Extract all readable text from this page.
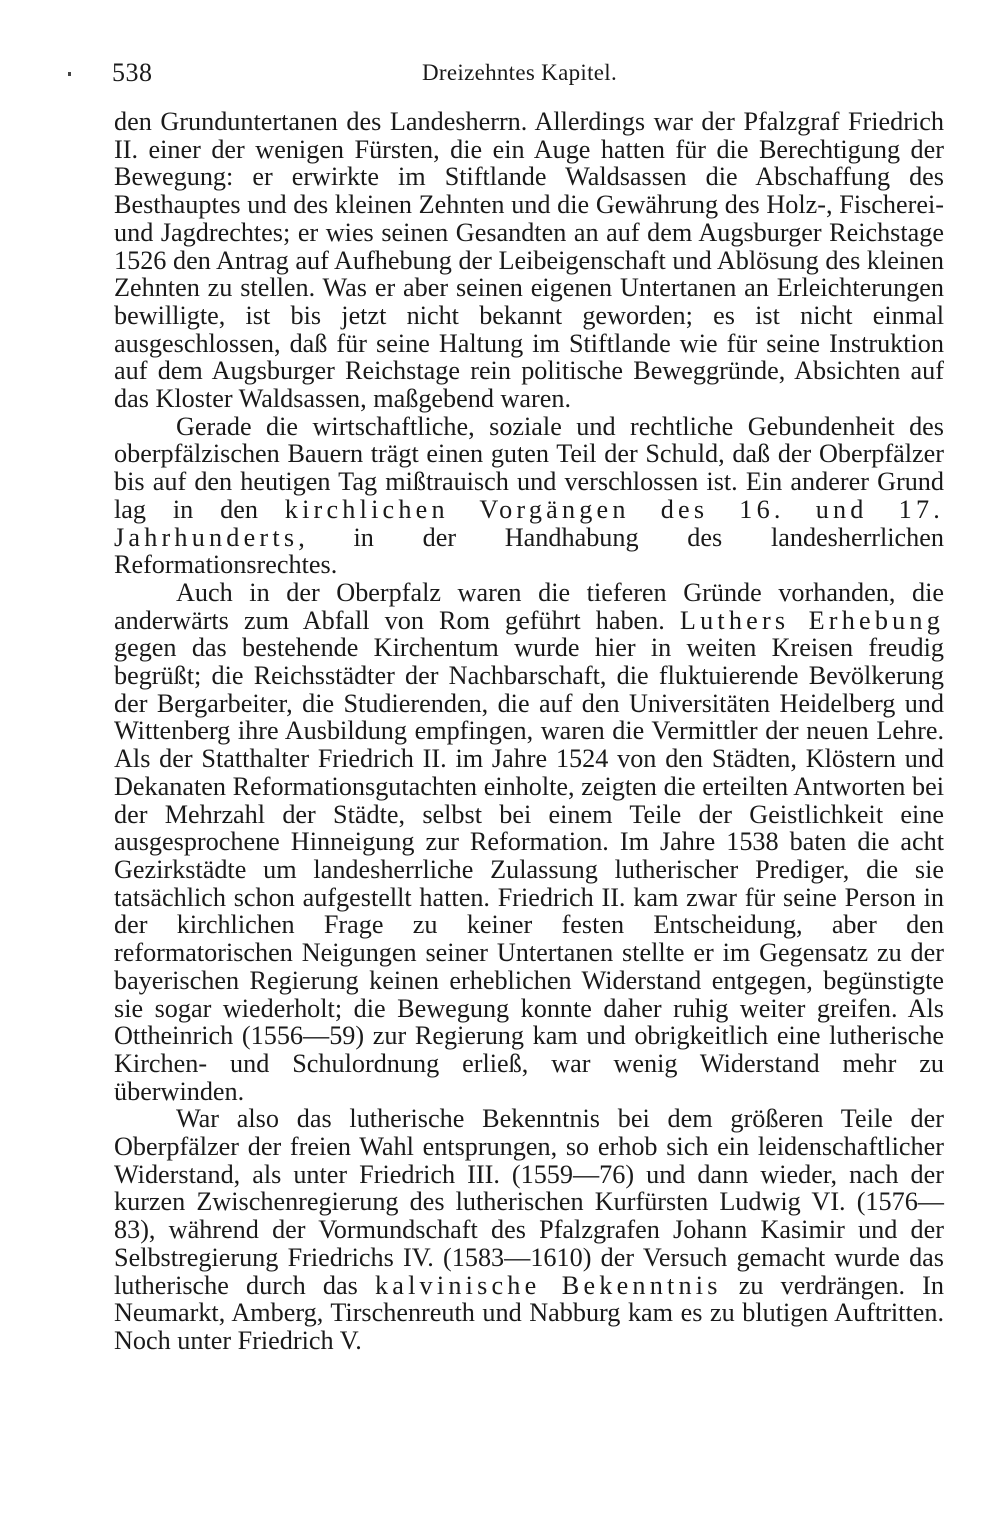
538	Dreizehntes Kapitel.

den Grunduntertanen des Landesherrn. Allerdings war der Pfalzgraf Friedrich II. einer der wenigen Fürsten, die ein Auge hatten für die Berechtigung der Bewegung: er erwirkte im Stiftlande Waldsassen die Abschaffung des Besthauptes und des kleinen Zehnten und die Gewährung des Holz-, Fischerei- und Jagdrechtes; er wies seinen Gesandten an auf dem Augsburger Reichstage 1526 den Antrag auf Aufhebung der Leibeigenschaft und Ablösung des kleinen Zehnten zu stellen. Was er aber seinen eigenen Untertanen an Erleichterungen bewilligte, ist bis jetzt nicht bekannt geworden; es ist nicht einmal ausgeschlossen, daß für seine Haltung im Stiftlande wie für seine Instruktion auf dem Augsburger Reichstage rein politische Beweggründe, Absichten auf das Kloster Waldsassen, maßgebend waren.

Gerade die wirtschaftliche, soziale und rechtliche Gebundenheit des oberpfälzischen Bauern trägt einen guten Teil der Schuld, daß der Oberpfälzer bis auf den heutigen Tag mißtrauisch und verschlossen ist. Ein anderer Grund lag in den kirchlichen Vorgängen des 16. und 17. Jahrhunderts, in der Handhabung des landesherrlichen Reformationsrechtes.

Auch in der Oberpfalz waren die tieferen Gründe vorhanden, die anderwärts zum Abfall von Rom geführt haben. Luthers Erhebung gegen das bestehende Kirchentum wurde hier in weiten Kreisen freudig begrüßt; die Reichsstädter der Nachbarschaft, die fluktuierende Bevölkerung der Bergarbeiter, die Studierenden, die auf den Universitäten Heidelberg und Wittenberg ihre Ausbildung empfingen, waren die Vermittler der neuen Lehre. Als der Statthalter Friedrich II. im Jahre 1524 von den Städten, Klöstern und Dekanaten Reformationsgutachten einholte, zeigten die erteilten Antworten bei der Mehrzahl der Städte, selbst bei einem Teile der Geistlichkeit eine ausgesprochene Hinneigung zur Reformation. Im Jahre 1538 baten die acht Gezirkstädte um landesherrliche Zulassung lutherischer Prediger, die sie tatsächlich schon aufgestellt hatten. Friedrich II. kam zwar für seine Person in der kirchlichen Frage zu keiner festen Entscheidung, aber den reformatorischen Neigungen seiner Untertanen stellte er im Gegensatz zu der bayerischen Regierung keinen erheblichen Widerstand entgegen, begünstigte sie sogar wiederholt; die Bewegung konnte daher ruhig weiter greifen. Als Ottheinrich (1556—59) zur Regierung kam und obrigkeitlich eine lutherische Kirchen- und Schulordnung erließ, war wenig Widerstand mehr zu überwinden.

War also das lutherische Bekenntnis bei dem größeren Teile der Oberpfälzer der freien Wahl entsprungen, so erhob sich ein leidenschaftlicher Widerstand, als unter Friedrich III. (1559—76) und dann wieder, nach der kurzen Zwischenregierung des lutherischen Kurfürsten Ludwig VI. (1576—83), während der Vormundschaft des Pfalzgrafen Johann Kasimir und der Selbstregierung Friedrichs IV. (1583—1610) der Versuch gemacht wurde das lutherische durch das kalvinische Bekenntnis zu verdrängen. In Neumarkt, Amberg, Tirschenreuth und Nabburg kam es zu blutigen Auftritten. Noch unter Friedrich V.
